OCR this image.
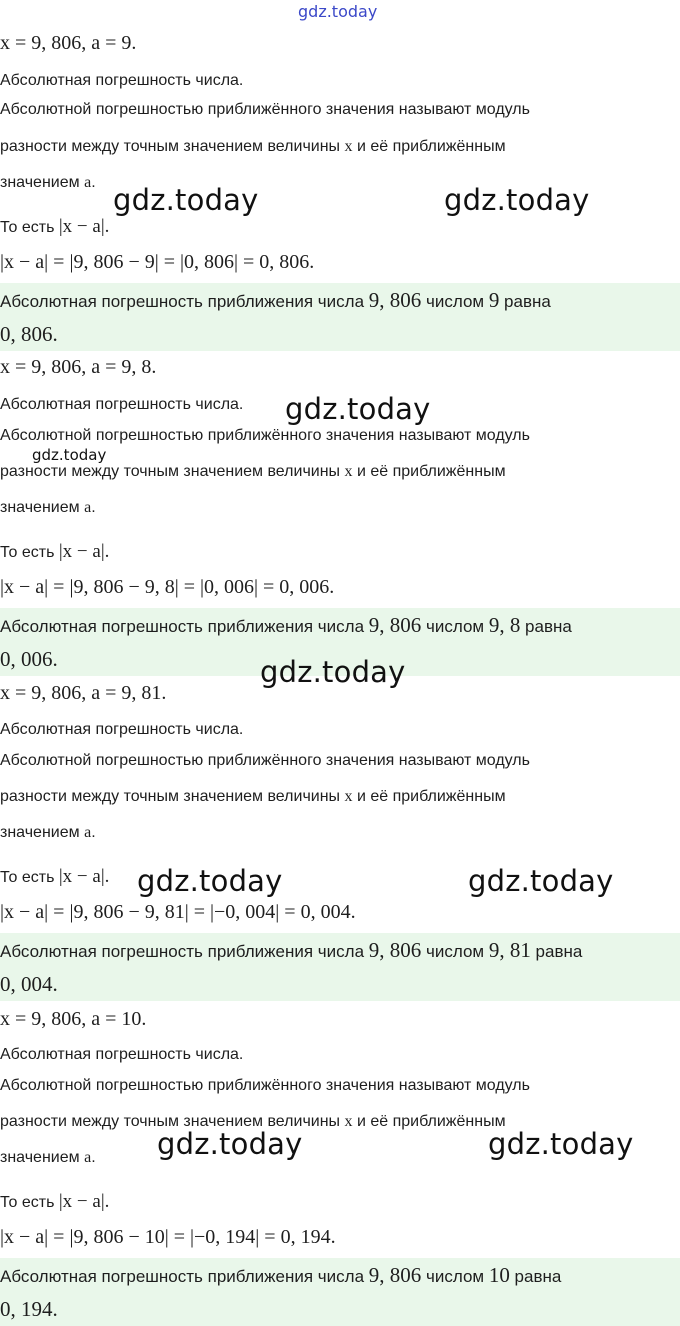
gdz.today
x = 9, 806, a = 9.
Абсолютная погрешность числа.
Абсолютной погрешностью приближённого значения называют модуль
разности между точным значением величины x и её приближённым
значением a.
То есть |x − a|.
|x − a| = |9, 806 − 9| = |0, 806| = 0, 806.
Абсолютная погрешность приближения числа 9, 806 числом 9 равна
0, 806.
x = 9, 806, a = 9, 8.
Абсолютная погрешность числа.
Абсолютной погрешностью приближённого значения называют модуль
разности между точным значением величины x и её приближённым
значением a.
То есть |x − a|.
|x − a| = |9, 806 − 9, 8| = |0, 006| = 0, 006.
Абсолютная погрешность приближения числа 9, 806 числом 9, 8 равна
0, 006.
x = 9, 806, a = 9, 81.
Абсолютная погрешность числа.
Абсолютной погрешностью приближённого значения называют модуль
разности между точным значением величины x и её приближённым
значением a.
То есть |x − a|.
|x − a| = |9, 806 − 9, 81| = |−0, 004| = 0, 004.
Абсолютная погрешность приближения числа 9, 806 числом 9, 81 равна
0, 004.
x = 9, 806, a = 10.
Абсолютная погрешность числа.
Абсолютной погрешностью приближённого значения называют модуль
разности между точным значением величины x и её приближённым
значением a.
То есть |x − a|.
|x − a| = |9, 806 − 10| = |−0, 194| = 0, 194.
Абсолютная погрешность приближения числа 9, 806 числом 10 равна
0, 194.
gdz.today	gdz.today
gdz.today
gdz.today
gdz.today
gdz.today	gdz.today
gdz.today	gdz.today
